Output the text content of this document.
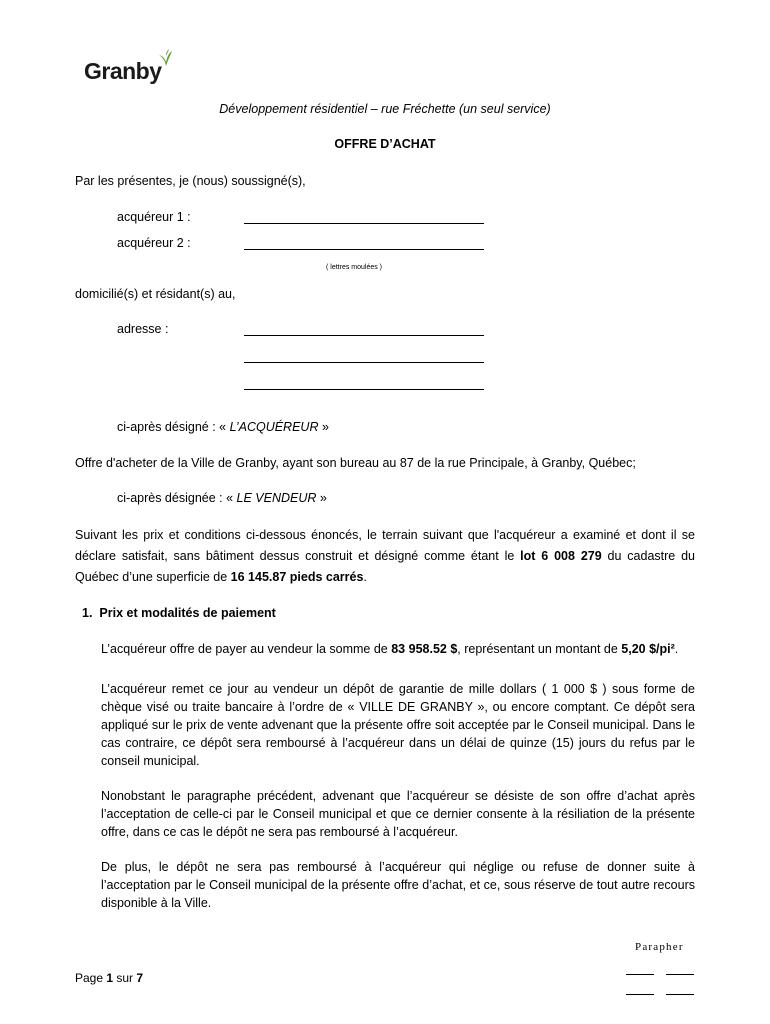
Granby
Développement résidentiel – rue Fréchette (un seul service)
OFFRE D’ACHAT
Par les présentes, je (nous) soussigné(s),
acquéreur 1 :
acquéreur 2 :
( lettres moulées )
domicilié(s) et résidant(s) au,
adresse :
ci-après désigné : « L’ACQUÉREUR »
Offre d'acheter de la Ville de Granby, ayant son bureau au 87 de la rue Principale, à Granby, Québec;
ci-après désignée : « LE VENDEUR »
Suivant les prix et conditions ci-dessous énoncés, le terrain suivant que l'acquéreur a examiné et dont il se déclare satisfait, sans bâtiment dessus construit et désigné comme étant le lot 6 008 279 du cadastre du Québec d’une superficie de 16 145.87 pieds carrés.
1. Prix et modalités de paiement
L’acquéreur offre de payer au vendeur la somme de 83 958.52 $, représentant un montant de 5,20 $/pi².
L’acquéreur remet ce jour au vendeur un dépôt de garantie de mille dollars ( 1 000 $ ) sous forme de chèque visé ou traite bancaire à l’ordre de « VILLE DE GRANBY », ou encore comptant. Ce dépôt sera appliqué sur le prix de vente advenant que la présente offre soit acceptée par le Conseil municipal. Dans le cas contraire, ce dépôt sera remboursé à l’acquéreur dans un délai de quinze (15) jours du refus par le conseil municipal.
Nonobstant le paragraphe précédent, advenant que l’acquéreur se désiste de son offre d’achat après l’acceptation de celle-ci par le Conseil municipal et que ce dernier consente à la résiliation de la présente offre, dans ce cas le dépôt ne sera pas remboursé à l’acquéreur.
De plus, le dépôt ne sera pas remboursé à l’acquéreur qui néglige ou refuse de donner suite à l’acceptation par le Conseil municipal de la présente offre d’achat, et ce, sous réserve de tout autre recours disponible à la Ville.
Parapher
Page 1 sur 7
